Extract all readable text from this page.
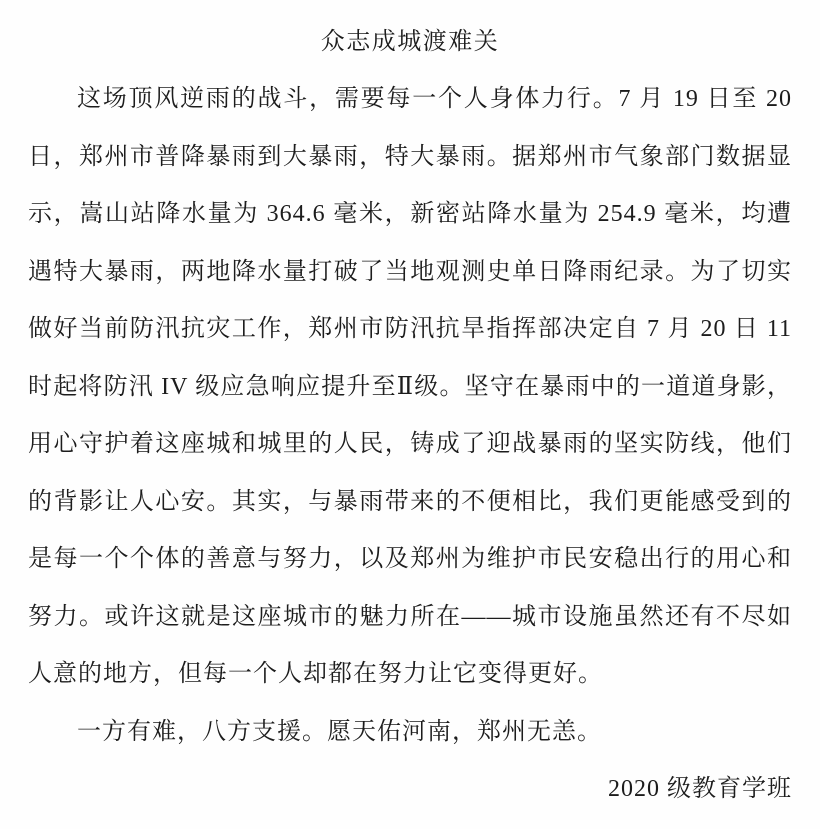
众志成城渡难关
这场顶风逆雨的战斗，需要每一个人身体力行。7 月 19 日至 20
日，郑州市普降暴雨到大暴雨，特大暴雨。据郑州市气象部门数据显
示，嵩山站降水量为 364.6 毫米，新密站降水量为 254.9 毫米，均遭
遇特大暴雨，两地降水量打破了当地观测史单日降雨纪录。为了切实
做好当前防汛抗灾工作，郑州市防汛抗旱指挥部决定自 7 月 20 日 11
时起将防汛 IV 级应急响应提升至Ⅱ级。坚守在暴雨中的一道道身影，
用心守护着这座城和城里的人民，铸成了迎战暴雨的坚实防线，他们
的背影让人心安。其实，与暴雨带来的不便相比，我们更能感受到的
是每一个个体的善意与努力，以及郑州为维护市民安稳出行的用心和
努力。或许这就是这座城市的魅力所在——城市设施虽然还有不尽如
人意的地方，但每一个人却都在努力让它变得更好。
一方有难，八方支援。愿天佑河南，郑州无恙。
2020 级教育学班
